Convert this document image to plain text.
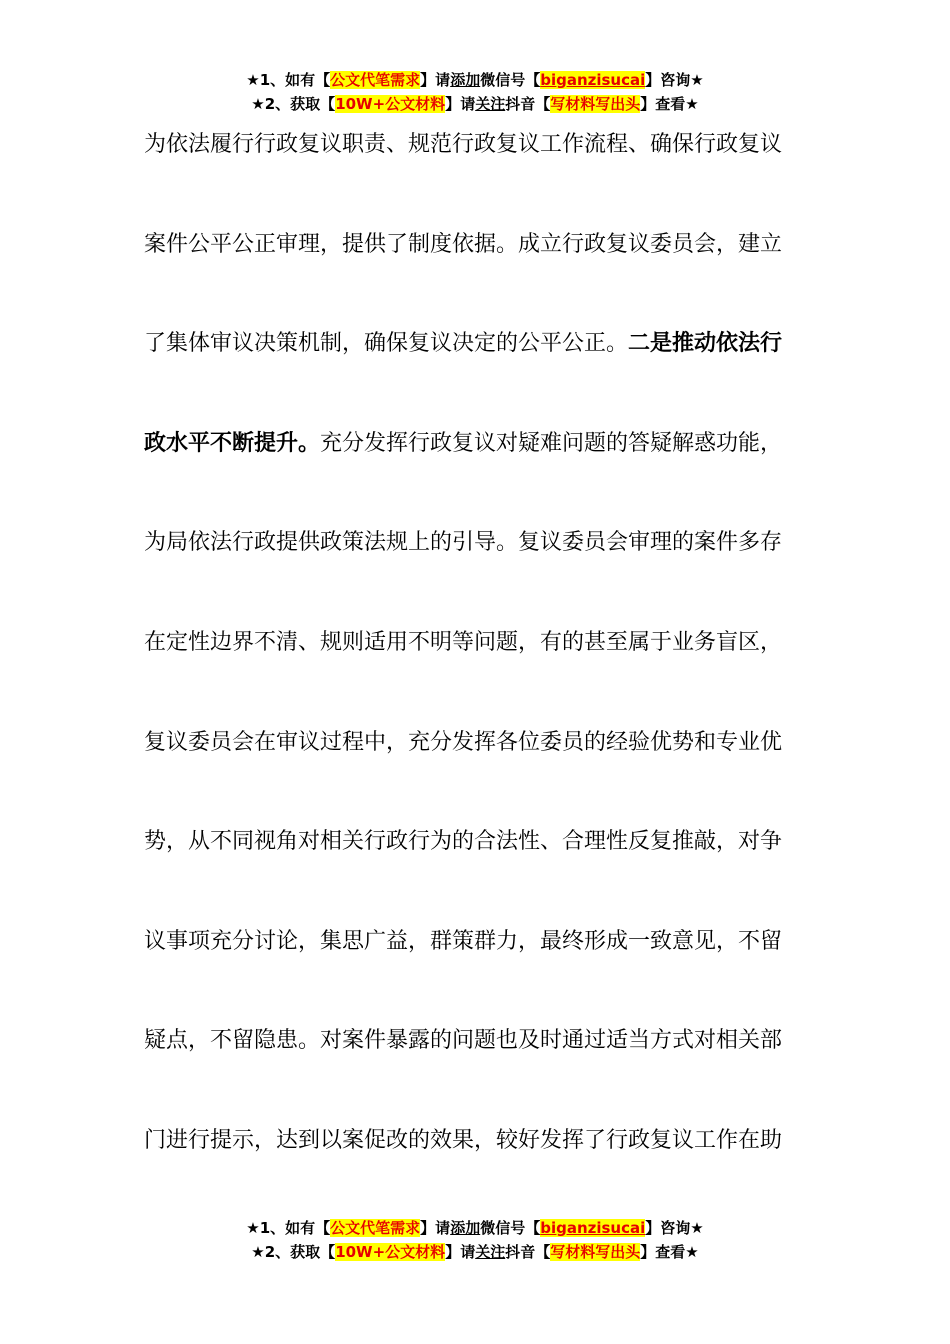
★1、如有【公文代笔需求】请添加微信号【biganzisucai】咨询★
★2、获取【10W+公文材料】请关注抖音【写材料写出头】查看★
为依法履行行政复议职责、规范行政复议工作流程、确保行政复议
案件公平公正审理，提供了制度依据。成立行政复议委员会，建立
了集体审议决策机制，确保复议决定的公平公正。二是推动依法行
政水平不断提升。充分发挥行政复议对疑难问题的答疑解惑功能，
为局依法行政提供政策法规上的引导。复议委员会审理的案件多存
在定性边界不清、规则适用不明等问题，有的甚至属于业务盲区，
复议委员会在审议过程中，充分发挥各位委员的经验优势和专业优
势，从不同视角对相关行政行为的合法性、合理性反复推敲，对争
议事项充分讨论，集思广益，群策群力，最终形成一致意见，不留
疑点，不留隐患。对案件暴露的问题也及时通过适当方式对相关部
门进行提示，达到以案促改的效果，较好发挥了行政复议工作在助
★1、如有【公文代笔需求】请添加微信号【biganzisucai】咨询★
★2、获取【10W+公文材料】请关注抖音【写材料写出头】查看★
